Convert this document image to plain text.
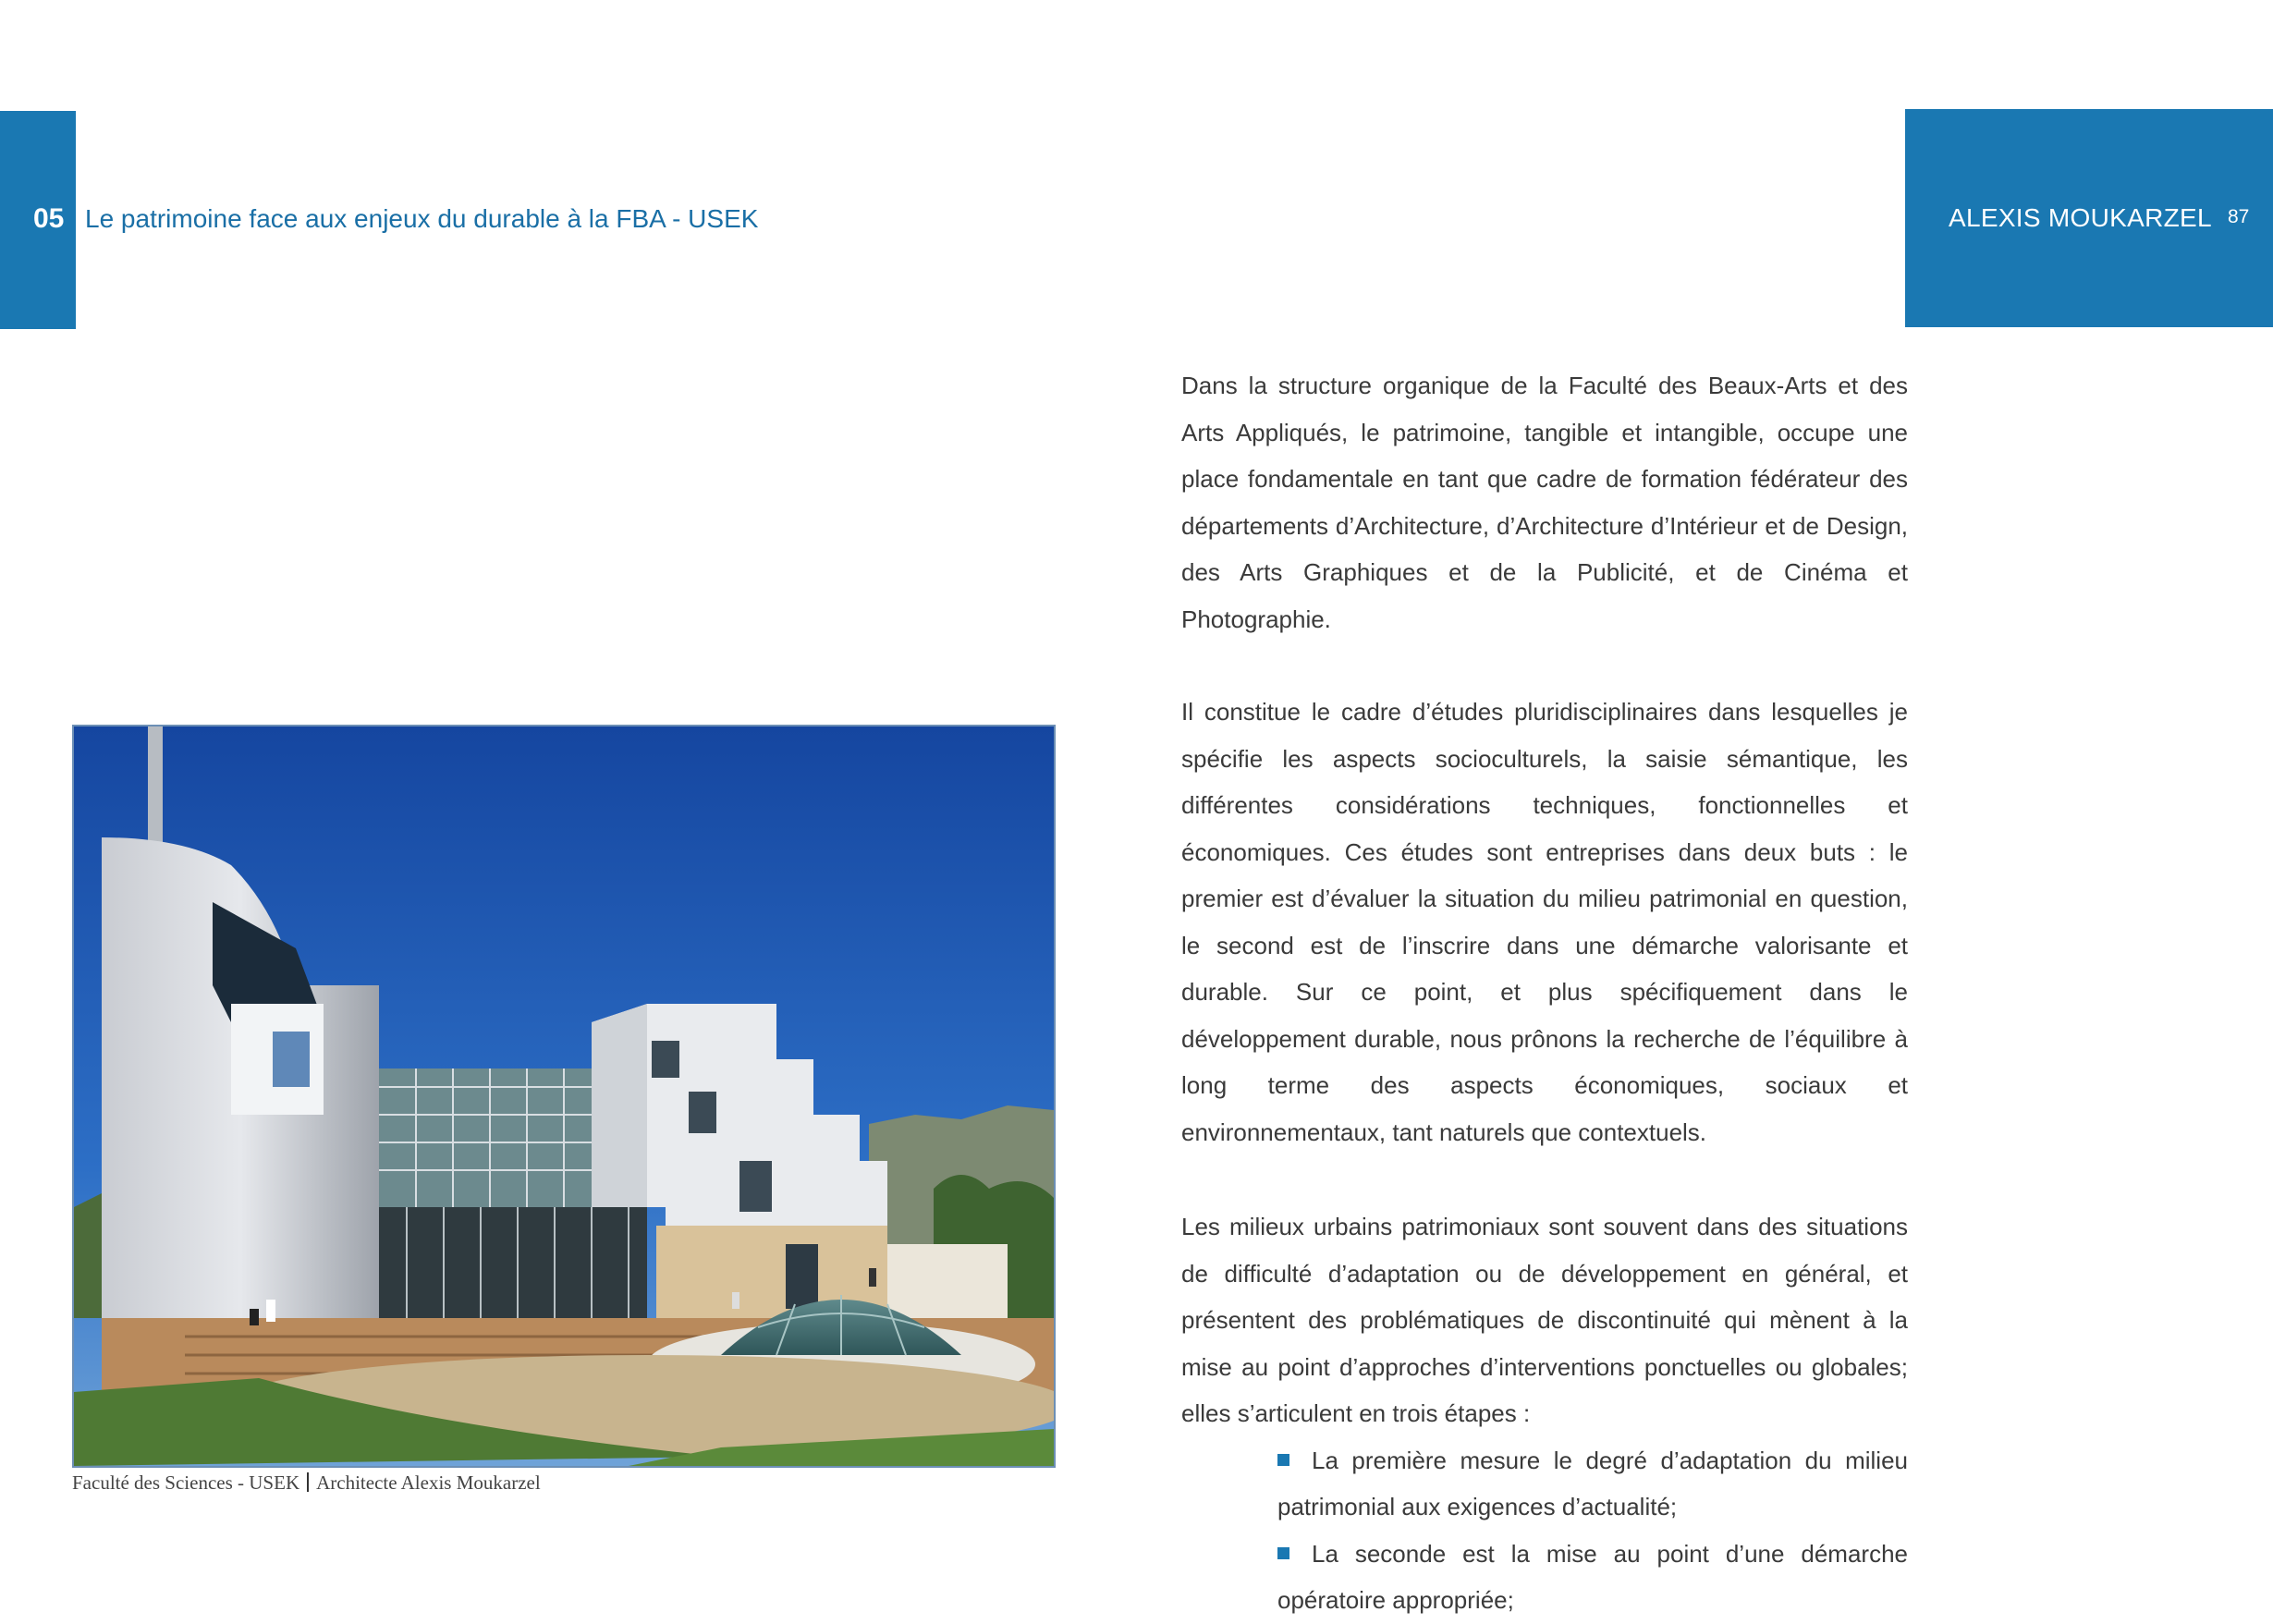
05 Le patrimoine face aux enjeux du durable à la FBA - USEK	ALEXIS MOUKARZEL 87
Faculté des Sciences - USEK Architecte Alexis Moukarzel

Dans la structure organique de la Faculté des Beaux-Arts et des Arts Appliqués, le patrimoine, tangible et intangible, occupe une place fondamentale en tant que cadre de formation fédérateur des départements d’Architecture, d’Architecture d’Intérieur et de Design, des Arts Graphiques et de la Publicité, et de Cinéma et Photographie.

Il constitue le cadre d’études pluridisciplinaires dans lesquelles je spécifie les aspects socioculturels, la saisie sémantique, les différentes considérations techniques, fonctionnelles et économiques. Ces études sont entreprises dans deux buts : le premier est d’évaluer la situation du milieu patrimonial en question, le second est de l’inscrire dans une démarche valorisante et durable. Sur ce point, et plus spécifiquement dans le développement durable, nous prônons la recherche de l’équilibre à long terme des aspects économiques, sociaux et environnementaux, tant naturels que contextuels.

Les milieux urbains patrimoniaux sont souvent dans des situations de difficulté d’adaptation ou de développement en général, et présentent des problématiques de discontinuité qui mènent à la mise au point d’approches d’interventions ponctuelles ou globales; elles s’articulent en trois étapes :

La première mesure le degré d’adaptation du milieu patrimonial aux exigences d’actualité;
La seconde est la mise au point d’une démarche opératoire appropriée;
